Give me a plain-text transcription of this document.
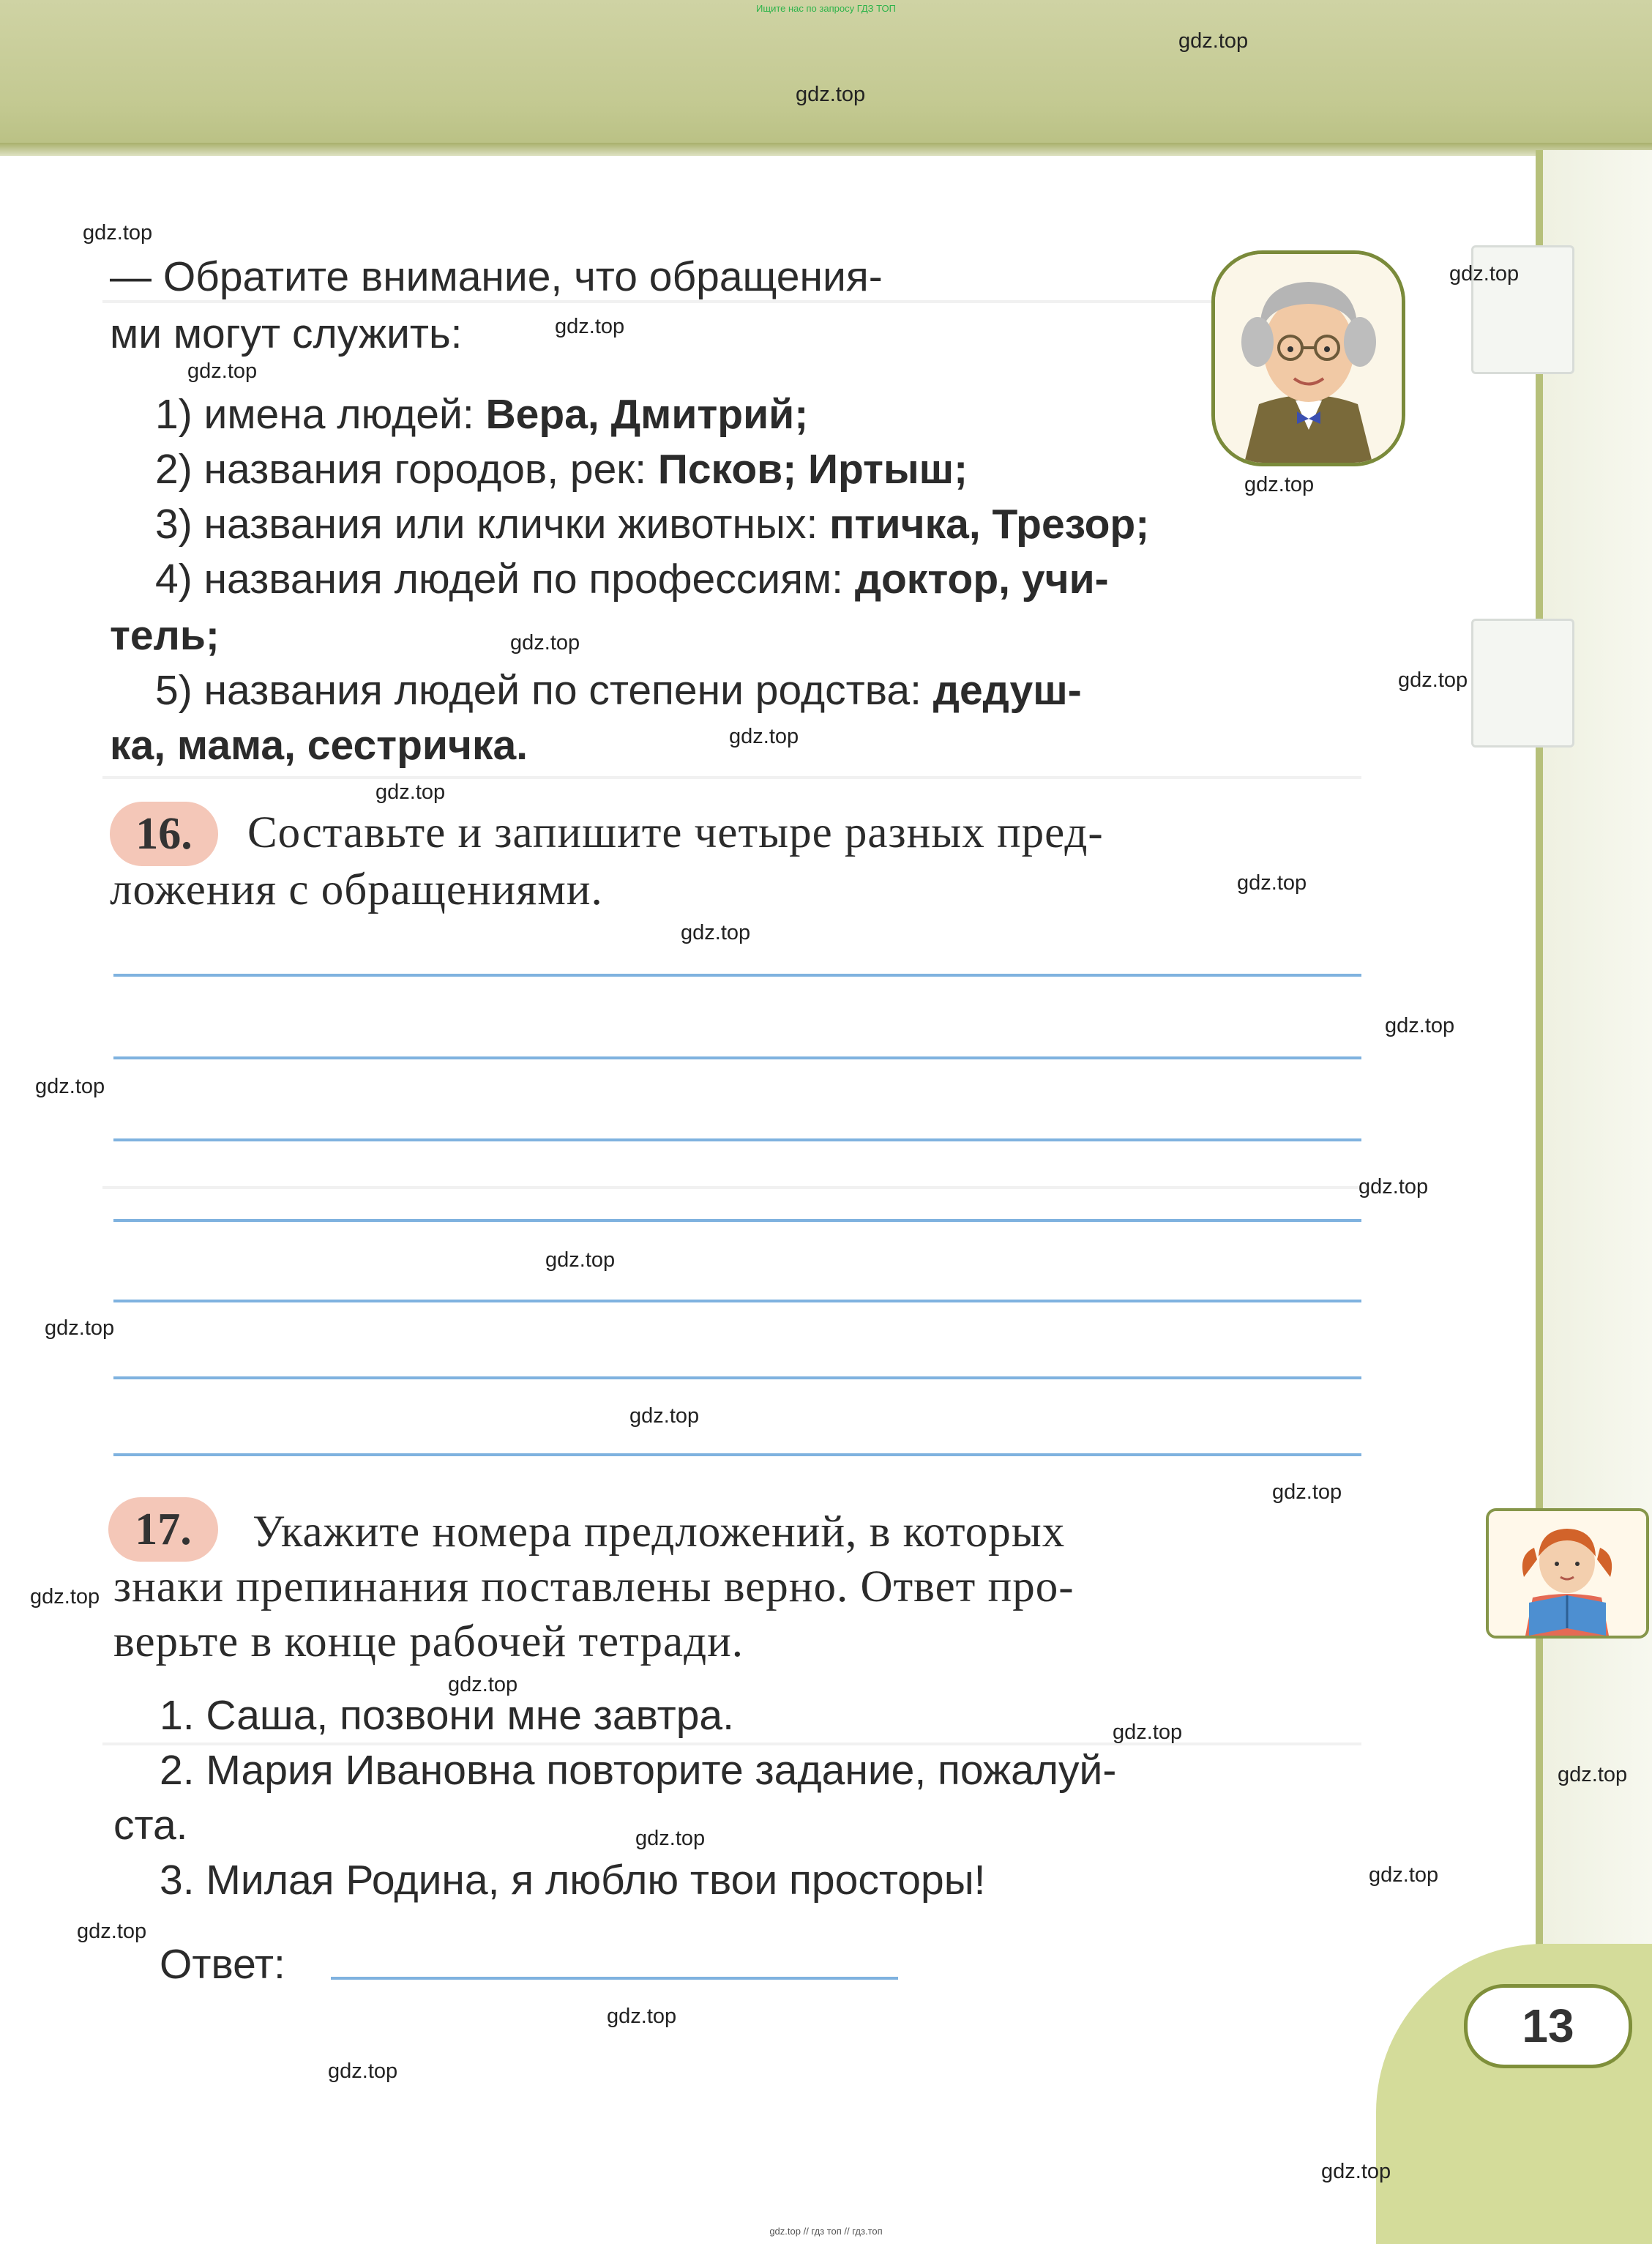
Ищите нас по запросу ГДЗ ТОП
13
— Обратите внимание, что обращения-
ми могут служить:
1) имена людей: Вера, Дмитрий;
2) названия городов, рек: Псков; Иртыш;
3) названия или клички животных: птичка, Трезор;
4) названия людей по профессиям: доктор, учи-
тель;
5) названия людей по степени родства: дедуш-
ка, мама, сестричка.
16.	Составьте и запишите четыре разных пред-
ложения с обращениями.
17.	Укажите номера предложений, в которых
знаки препинания поставлены верно. Ответ про-
верьте в конце рабочей тетради.
1. Саша, позвони мне завтра.
2. Мария Ивановна повторите задание, пожалуй-
ста.
3. Милая Родина, я люблю твои просторы!
Ответ:
gdz.top
gdz.top
gdz.top
gdz.top
gdz.top
gdz.top
gdz.top
gdz.top
gdz.top
gdz.top
gdz.top
gdz.top
gdz.top
gdz.top
gdz.top
gdz.top
gdz.top
gdz.top
gdz.top
gdz.top
gdz.top
gdz.top
gdz.top
gdz.top
gdz.top
gdz.top
gdz.top
gdz.top
gdz.top
gdz.top
gdz.top // гдз топ // гдз.топ
